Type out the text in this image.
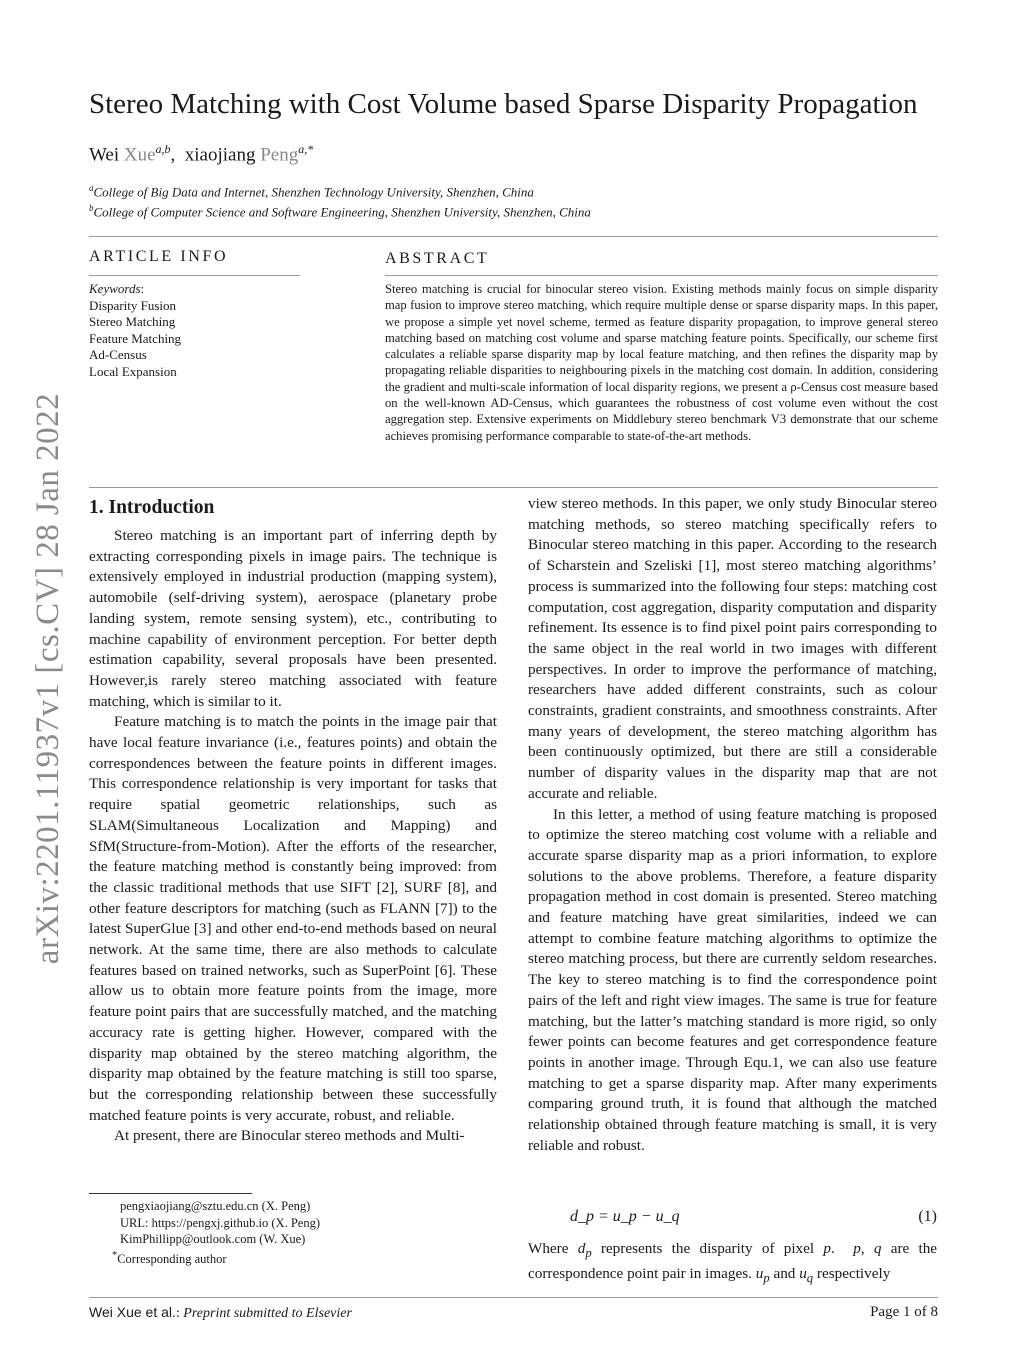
arXiv:2201.11937v1 [cs.CV] 28 Jan 2022
Stereo Matching with Cost Volume based Sparse Disparity Propagation
Wei Xue$^{a,b}$,  xiaojiang Peng$^{a,*}$
$^a$College of Big Data and Internet, Shenzhen Technology University, Shenzhen, China
$^b$College of Computer Science and Software Engineering, Shenzhen University, Shenzhen, China
ARTICLE INFO
Keywords:
Disparity Fusion
Stereo Matching
Feature Matching
Ad-Census
Local Expansion
ABSTRACT
Stereo matching is crucial for binocular stereo vision. Existing methods mainly focus on simple disparity map fusion to improve stereo matching, which require multiple dense or sparse disparity maps. In this paper, we propose a simple yet novel scheme, termed as feature disparity propagation, to improve general stereo matching based on matching cost volume and sparse matching feature points. Specifically, our scheme first calculates a reliable sparse disparity map by local feature matching, and then refines the disparity map by propagating reliable disparities to neighbouring pixels in the matching cost domain. In addition, considering the gradient and multi-scale information of local disparity regions, we present a ρ-Census cost measure based on the well-known AD-Census, which guarantees the robustness of cost volume even without the cost aggregation step. Extensive experiments on Middlebury stereo benchmark V3 demonstrate that our scheme achieves promising performance comparable to state-of-the-art methods.
1. Introduction

Stereo matching is an important part of inferring depth by extracting corresponding pixels in image pairs. The technique is extensively employed in industrial production (mapping system), automobile (self-driving system), aerospace (planetary probe landing system, remote sensing system), etc., contributing to machine capability of environment perception. For better depth estimation capability, several proposals have been presented. However,is rarely stereo matching associated with feature matching, which is similar to it.

Feature matching is to match the points in the image pair that have local feature invariance (i.e., features points) and obtain the correspondences between the feature points in different images. This correspondence relationship is very important for tasks that require spatial geometric relationships, such as SLAM(Simultaneous Localization and Mapping) and SfM(Structure-from-Motion). After the efforts of the researcher, the feature matching method is constantly being improved: from the classic traditional methods that use SIFT [2], SURF [8], and other feature descriptors for matching (such as FLANN [7]) to the latest SuperGlue [3] and other end-to-end methods based on neural network. At the same time, there are also methods to calculate features based on trained networks, such as SuperPoint [6]. These allow us to obtain more feature points from the image, more feature point pairs that are successfully matched, and the matching accuracy rate is getting higher. However, compared with the disparity map obtained by the stereo matching algorithm, the disparity map obtained by the feature matching is still too sparse, but the corresponding relationship between these successfully matched feature points is very accurate, robust, and reliable.

At present, there are Binocular stereo methods and Multi-

view stereo methods. In this paper, we only study Binocular stereo matching methods, so stereo matching specifically refers to Binocular stereo matching in this paper. According to the research of Scharstein and Szeliski [1], most stereo matching algorithms’ process is summarized into the following four steps: matching cost computation, cost aggregation, disparity computation and disparity refinement. Its essence is to find pixel point pairs corresponding to the same object in the real world in two images with different perspectives. In order to improve the performance of matching, researchers have added different constraints, such as colour constraints, gradient constraints, and smoothness constraints. After many years of development, the stereo matching algorithm has been continuously optimized, but there are still a considerable number of disparity values in the disparity map that are not accurate and reliable.

In this letter, a method of using feature matching is proposed to optimize the stereo matching cost volume with a reliable and accurate sparse disparity map as a priori information, to explore solutions to the above problems. Therefore, a feature disparity propagation method in cost domain is presented. Stereo matching and feature matching have great similarities, indeed we can attempt to combine feature matching algorithms to optimize the stereo matching process, but there are currently seldom researches. The key to stereo matching is to find the correspondence point pairs of the left and right view images. The same is true for feature matching, but the latter’s matching standard is more rigid, so only fewer points can become features and get correspondence feature points in another image. Through Equ.1, we can also use feature matching to get a sparse disparity map. After many experiments comparing ground truth, it is found that although the matched relationship obtained through feature matching is small, it is very reliable and robust.

d_p = u_p − u_q	(1)

Where $d_p$ represents the disparity of pixel p.  p, q are the correspondence point pair in images. $u_p$ and $u_q$ respectively

pengxiaojiang@sztu.edu.cn (X. Peng)
URL: https://pengxj.github.io (X. Peng)
KimPhillipp@outlook.com (W. Xue)
*Corresponding author
Wei Xue et al.: Preprint submitted to Elsevier	Page 1 of 8
